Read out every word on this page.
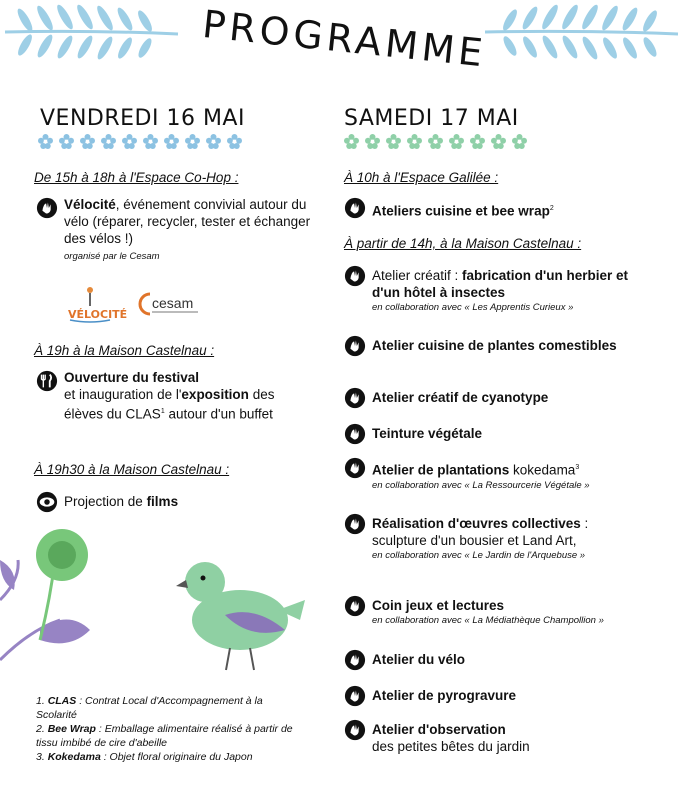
PROGRAMME
VENDREDI 16 MAI
De 15h à 18h à l'Espace Co-Hop :
Vélocité, événement convivial autour du vélo (réparer, recycler, tester et échanger des vélos !)
organisé par le Cesam
VÉLOCITÉ
cesam
À 19h à la Maison Castelnau :
Ouverture du festival
et inauguration de l'exposition des élèves du CLAS$^1$ autour d'un buffet
À 19h30 à la Maison Castelnau :
Projection de films
1. CLAS : Contrat Local d'Accompagnement à la Scolarité
2. Bee Wrap : Emballage alimentaire réalisé à partir de tissu imbibé de cire d'abeille
3. Kokedama : Objet floral originaire du Japon
SAMEDI 17 MAI
À 10h à l'Espace Galilée :
Ateliers cuisine et bee wrap$^2$
À partir de 14h, à la Maison Castelnau :
Atelier créatif : fabrication d'un herbier et d'un hôtel à insectes
en collaboration avec « Les Apprentis Curieux »
Atelier cuisine de plantes comestibles
Atelier créatif de cyanotype
Teinture végétale
Atelier de plantations kokedama$^3$
en collaboration avec « La Ressourcerie Végétale »
Réalisation d'œuvres collectives : sculpture d'un bousier et Land Art,
en collaboration avec « Le Jardin de l'Arquebuse »
Coin jeux et lectures
en collaboration avec « La Médiathèque Champollion »
Atelier du vélo
Atelier de pyrogravure
Atelier d'observation
des petites bêtes du jardin
